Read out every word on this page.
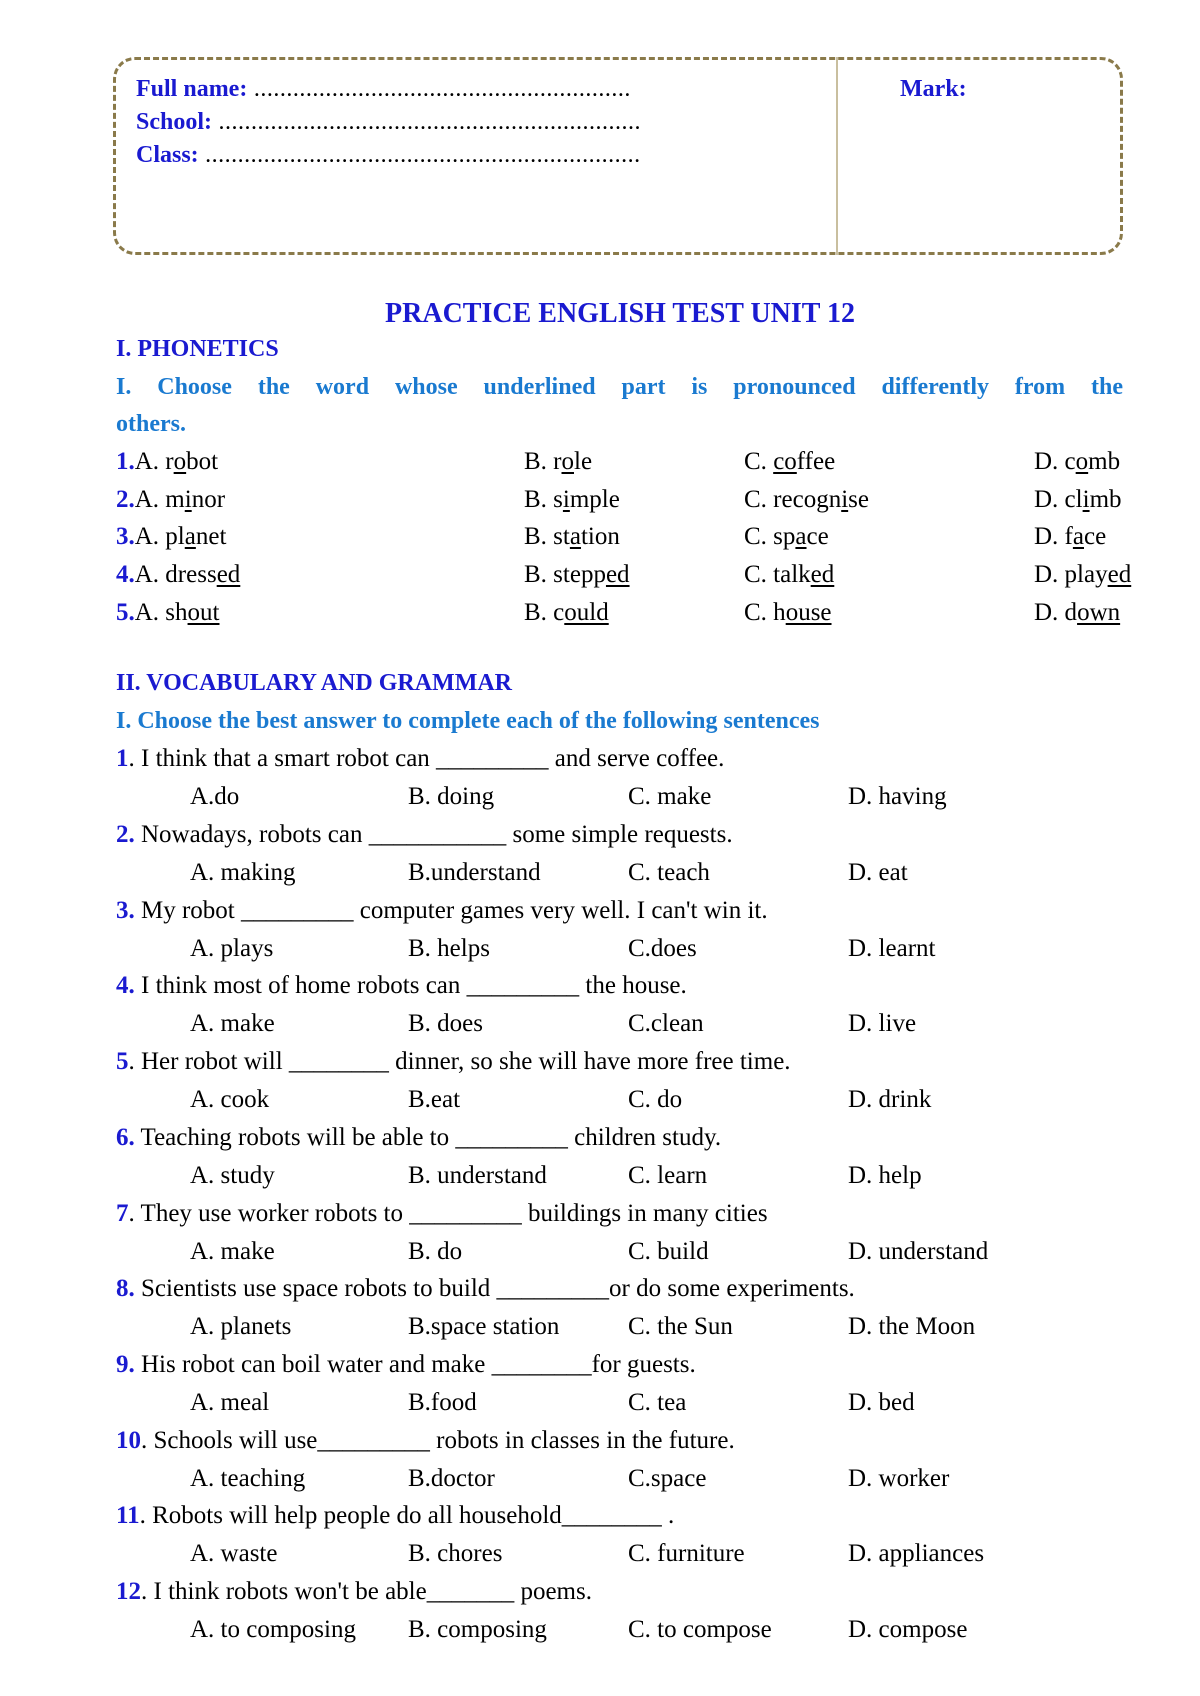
Full name: ..........................................................
School: .................................................................
Class: ...................................................................
Mark:
PRACTICE ENGLISH TEST UNIT 12
I. PHONETICS
I. Choose the word whose underlined part is pronounced differently from the
others.
1.A. robot	B. role	C. coffee	D. comb
2.A. minor	B. simple	C. recognise	D. climb
3.A. planet	B. station	C. space	D. face
4.A. dressed	B. stepped	C. talked	D. played
5.A. shout	B. could	C. house	D. down
II. VOCABULARY AND GRAMMAR
I. Choose the best answer to complete each of the following sentences
1. I think that a smart robot can _________ and serve coffee.
A.do	B. doing	C. make	D. having
2. Nowadays, robots can ___________ some simple requests.
A. making	B.understand	C. teach	D. eat
3. My robot _________ computer games very well. I can't win it.
A. plays	B. helps	C.does	D. learnt
4. I think most of home robots can _________ the house.
A. make	B. does	C.clean	D. live
5. Her robot will ________ dinner, so she will have more free time.
A. cook	B.eat	C. do	D. drink
6. Teaching robots will be able to _________ children study.
A. study	B. understand	C. learn	D. help
7. They use worker robots to _________ buildings in many cities
A. make	B. do	C. build	D. understand
8. Scientists use space robots to build _________or do some experiments.
A. planets	B.space station	C. the Sun	D. the Moon
9. His robot can boil water and make ________for guests.
A. meal	B.food	C. tea	D. bed
10. Schools will use_________ robots in classes in the future.
A. teaching	B.doctor	C.space	D. worker
11. Robots will help people do all household________ .
A. waste	B. chores	C. furniture	D. appliances
12. I think robots won't be able_______ poems.
A. to composing B. composing	C. to compose	D. compose
